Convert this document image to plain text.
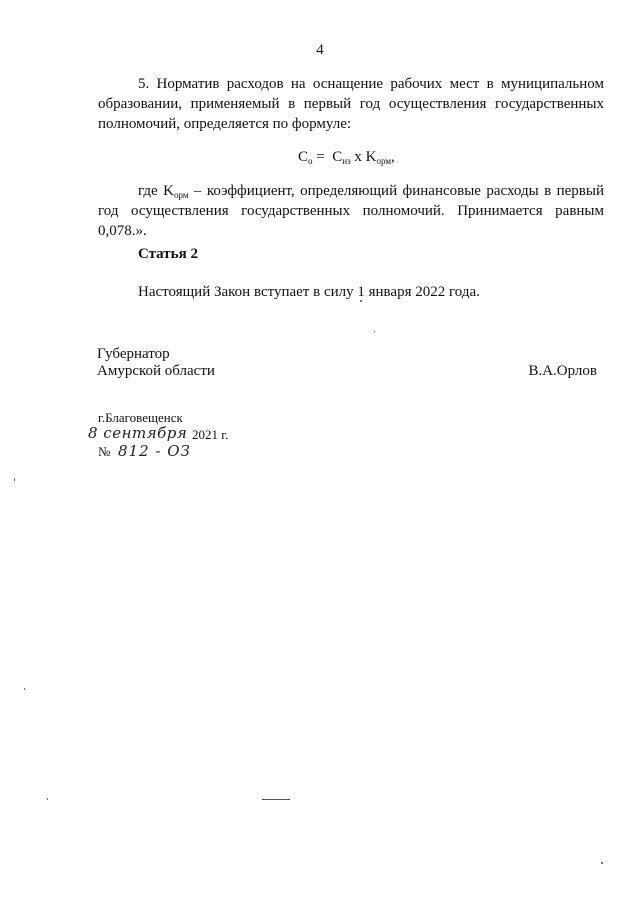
4

5. Норматив расходов на оснащение рабочих мест в муниципальном образовании, применяемый в первый год осуществления государственных полномочий, определяется по формуле:

$C_о = C_{нз}$ x $K_{орм}$,

где $K_{орм}$ – коэффициент, определяющий финансовые расходы в первый год осуществления государственных полномочий. Принимается равным 0,078.».

Статья 2
Настоящий Закон вступает в силу 1 января 2022 года.
Губернатор
Амурской области	В.А.Орлов
г.Благовещенск
8 сентября 2021 г.
№ 812 - ОЗ
